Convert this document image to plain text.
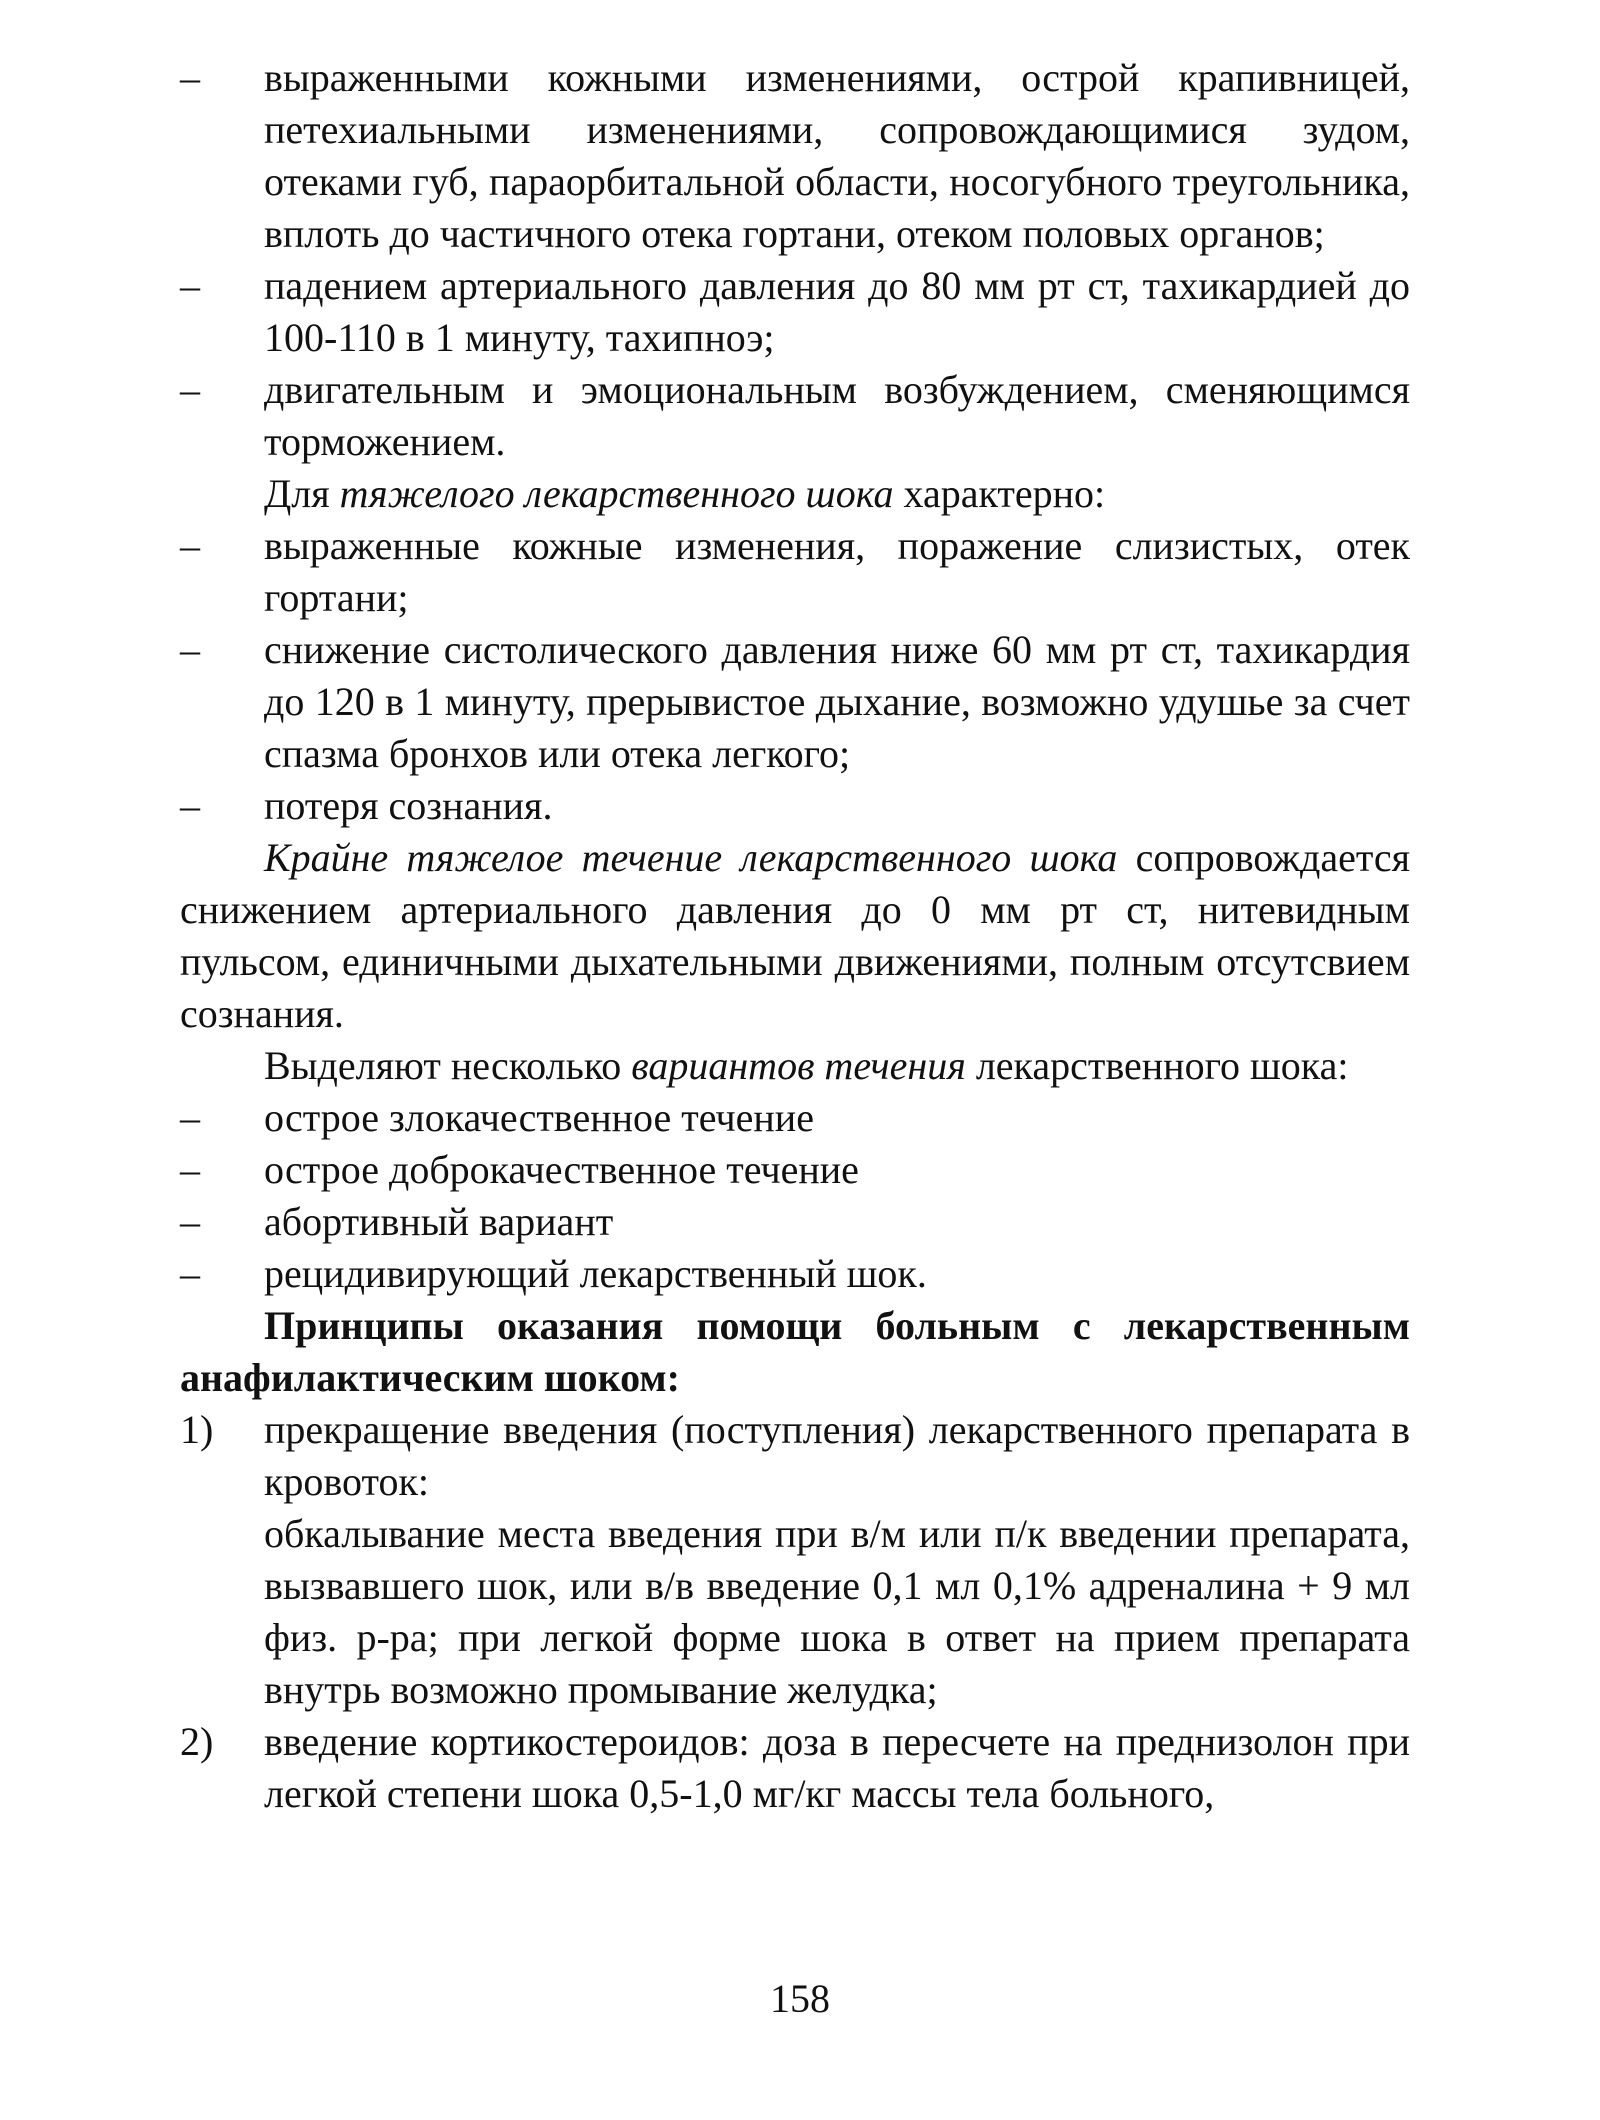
– выраженными кожными изменениями, острой крапивницей, петехиальными изменениями, сопровождающимися зудом, отеками губ, параорбитальной области, носогубного треугольника, вплоть до частичного отека гортани, отеком половых органов;
– падением артериального давления до 80 мм рт ст, тахикардией до 100-110 в 1 минуту, тахипноэ;
– двигательным и эмоциональным возбуждением, сменяющимся торможением.
Для тяжелого лекарственного шока характерно:
– выраженные кожные изменения, поражение слизистых, отек гортани;
– снижение систолического давления ниже 60 мм рт ст, тахикардия до 120 в 1 минуту, прерывистое дыхание, возможно удушье за счет спазма бронхов или отека легкого;
– потеря сознания.
Крайне тяжелое течение лекарственного шока сопровождается снижением артериального давления до 0 мм рт ст, нитевидным пульсом, единичными дыхательными движениями, полным отсутсвием сознания.
Выделяют несколько вариантов течения лекарственного шока:
– острое злокачественное течение
– острое доброкачественное течение
– абортивный вариант
– рецидивирующий лекарственный шок.
Принципы оказания помощи больным с лекарственным анафилактическим шоком:
1) прекращение введения (поступления) лекарственного препарата в кровоток:
обкалывание места введения при в/м или п/к введении препарата, вызвавшего шок, или в/в введение 0,1 мл 0,1% адреналина + 9 мл физ. р-ра; при легкой форме шока в ответ на прием препарата внутрь возможно промывание желудка;
2) введение кортикостероидов: доза в пересчете на преднизолон при легкой степени шока 0,5-1,0 мг/кг массы тела больного,
158
